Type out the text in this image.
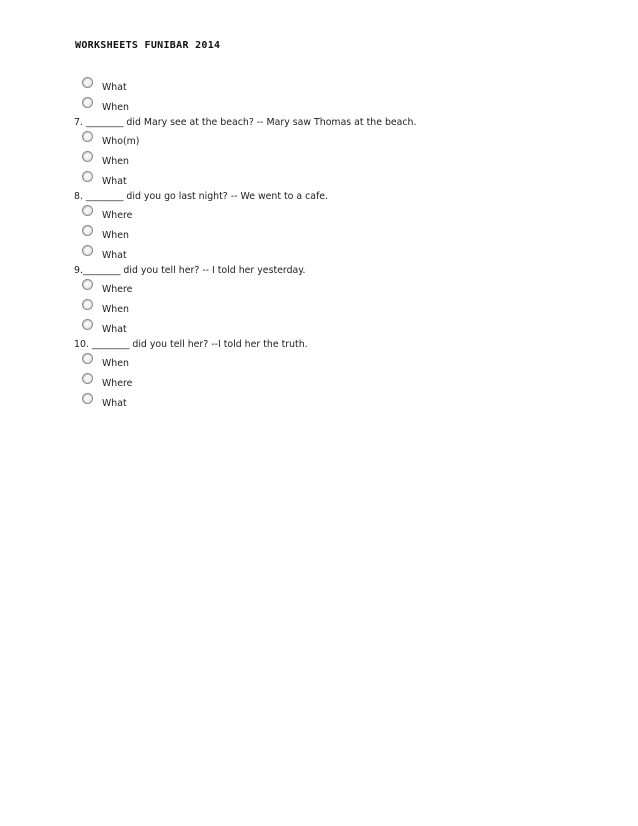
WORKSHEETS FUNIBAR 2014
What
When

7. ________ did Mary see at the beach? -- Mary saw Thomas at the beach.

Who(m)
When
What

8. ________ did you go last night? -- We went to a cafe.

Where
When
What

9.________ did you tell her? -- I told her yesterday.

Where
When
What

10. ________ did you tell her? --I told her the truth.

When
Where
What
